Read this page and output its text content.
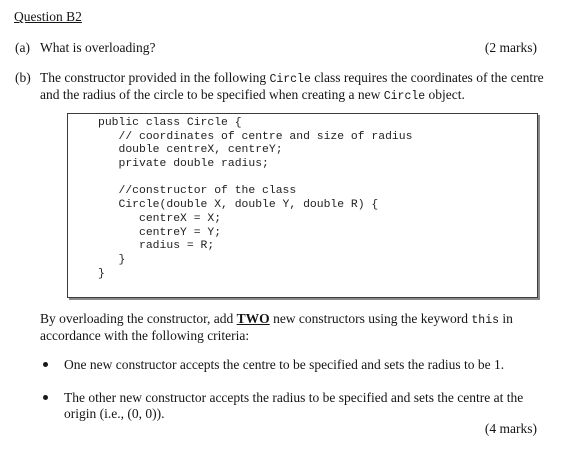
Question B2
(a) What is overloading?	(2 marks)
(b) The constructor provided in the following Circle class requires the coordinates of the centre
and the radius of the circle to be specified when creating a new Circle object.
public class Circle {
// coordinates of centre and size of radius
double centreX, centreY;
private double radius;
//constructor of the class
Circle(double X, double Y, double R) {
centreX = X;
centreY = Y;
radius = R;
}
}
By overloading the constructor, add TWO new constructors using the keyword this in
accordance with the following criteria:
One new constructor accepts the centre to be specified and sets the radius to be 1.
The other new constructor accepts the radius to be specified and sets the centre at the
origin (i.e., (0, 0)).
(4 marks)
